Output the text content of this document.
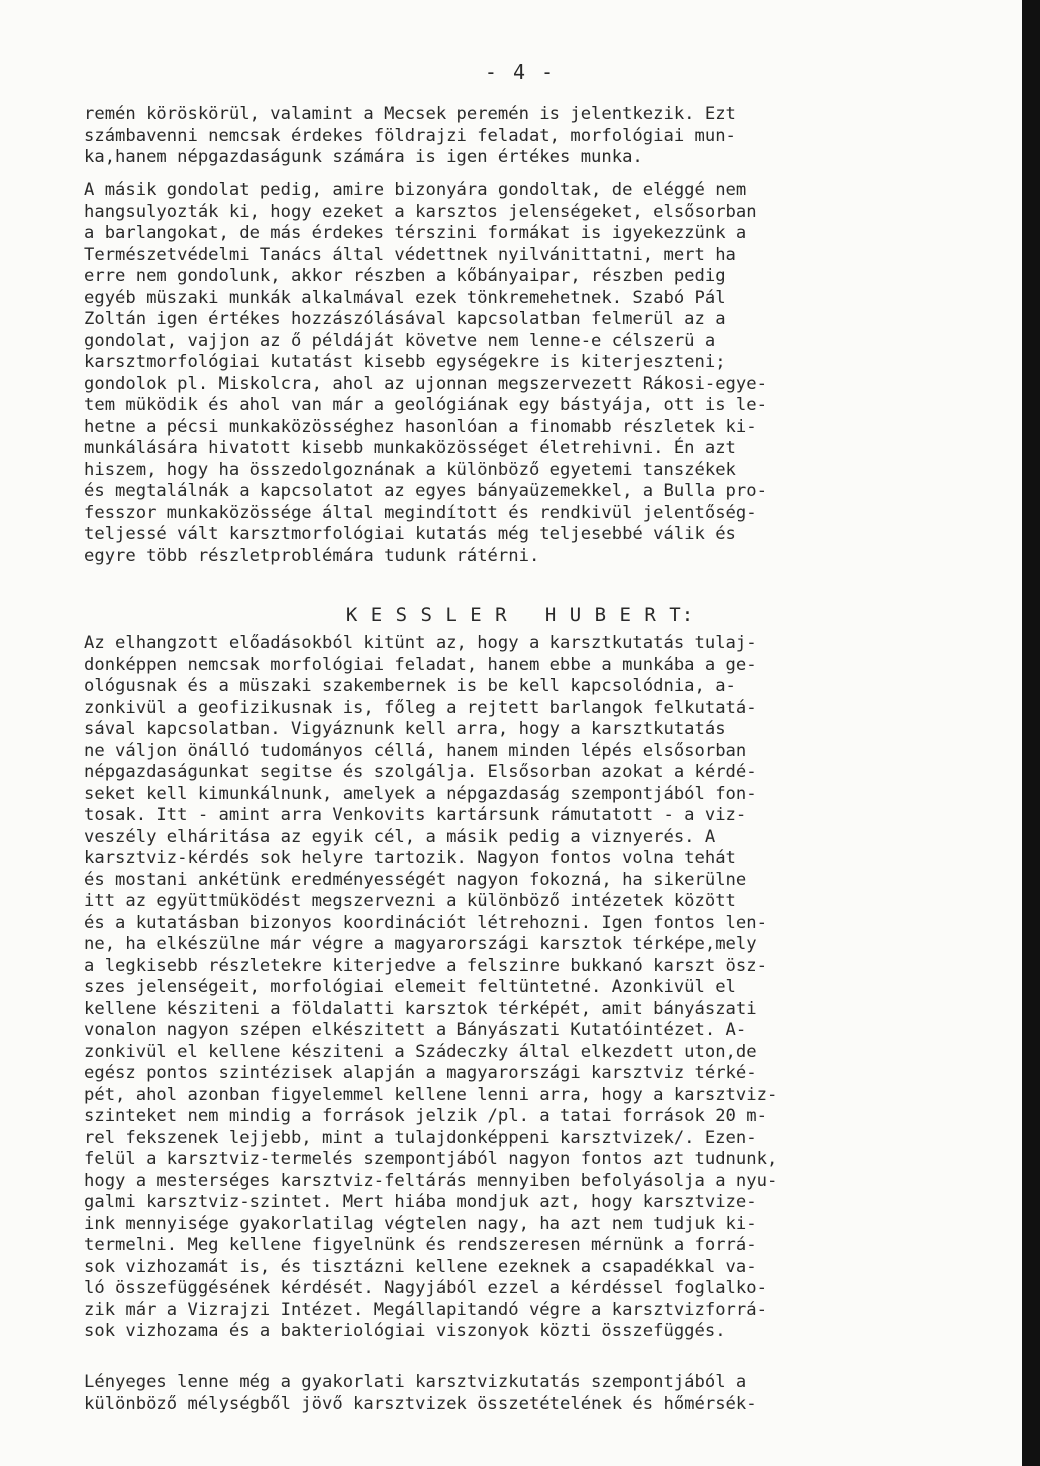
- 4 -
remén köröskörül, valamint a Mecsek peremén is jelentkezik. Ezt
számbavenni nemcsak érdekes földrajzi feladat, morfológiai mun-
ka,hanem népgazdaságunk számára is igen értékes munka.
A másik gondolat pedig, amire bizonyára gondoltak, de eléggé nem
hangsulyozták ki, hogy ezeket a karsztos jelenségeket, elsősorban
a barlangokat, de más érdekes térszini formákat is igyekezzünk a
Természetvédelmi Tanács által védettnek nyilvánittatni, mert ha
erre nem gondolunk, akkor részben a kőbányaipar, részben pedig
egyéb müszaki munkák alkalmával ezek tönkremehetnek. Szabó Pál
Zoltán igen értékes hozzászólásával kapcsolatban felmerül az a
gondolat, vajjon az ő példáját követve nem lenne-e célszerü a
karsztmorfológiai kutatást kisebb egységekre is kiterjeszteni;
gondolok pl. Miskolcra, ahol az ujonnan megszervezett Rákosi-egye-
tem müködik és ahol van már a geológiának egy bástyája, ott is le-
hetne a pécsi munkaközösséghez hasonlóan a finomabb részletek ki-
munkálására hivatott kisebb munkaközösséget életrehivni. Én azt
hiszem, hogy ha összedolgoznának a különböző egyetemi tanszékek
és megtalálnák a kapcsolatot az egyes bányaüzemekkel, a Bulla pro-
fesszor munkaközössége által megindított és rendkivül jelentőség-
teljessé vált karsztmorfológiai kutatás még teljesebbé válik és
egyre több részletproblémára tudunk rátérni.
K E S S L E R   H U B E R T:
Az elhangzott előadásokból kitünt az, hogy a karsztkutatás tulaj-
donképpen nemcsak morfológiai feladat, hanem ebbe a munkába a ge-
ológusnak és a müszaki szakembernek is be kell kapcsolódnia, a-
zonkivül a geofizikusnak is, főleg a rejtett barlangok felkutatá-
sával kapcsolatban. Vigyáznunk kell arra, hogy a karsztkutatás
ne váljon önálló tudományos céllá, hanem minden lépés elsősorban
népgazdaságunkat segitse és szolgálja. Elsősorban azokat a kérdé-
seket kell kimunkálnunk, amelyek a népgazdaság szempontjából fon-
tosak. Itt - amint arra Venkovits kartársunk rámutatott - a viz-
veszély elháritása az egyik cél, a másik pedig a viznyerés. A
karsztviz-kérdés sok helyre tartozik. Nagyon fontos volna tehát
és mostani ankétünk eredményességét nagyon fokozná, ha sikerülne
itt az együttmüködést megszervezni a különböző intézetek között
és a kutatásban bizonyos koordinációt létrehozni. Igen fontos len-
ne, ha elkészülne már végre a magyarországi karsztok térképe,mely
a legkisebb részletekre kiterjedve a felszinre bukkanó karszt ösz-
szes jelenségeit, morfológiai elemeit feltüntetné. Azonkivül el
kellene késziteni a földalatti karsztok térképét, amit bányászati
vonalon nagyon szépen elkészitett a Bányászati Kutatóintézet. A-
zonkivül el kellene késziteni a Szádeczky által elkezdett uton,de
egész pontos szintézisek alapján a magyarországi karsztviz térké-
pét, ahol azonban figyelemmel kellene lenni arra, hogy a karsztviz-
szinteket nem mindig a források jelzik /pl. a tatai források 20 m-
rel fekszenek lejjebb, mint a tulajdonképpeni karsztvizek/. Ezen-
felül a karsztviz-termelés szempontjából nagyon fontos azt tudnunk,
hogy a mesterséges karsztviz-feltárás mennyiben befolyásolja a nyu-
galmi karsztviz-szintet. Mert hiába mondjuk azt, hogy karsztvize-
ink mennyisége gyakorlatilag végtelen nagy, ha azt nem tudjuk ki-
termelni. Meg kellene figyelnünk és rendszeresen mérnünk a forrá-
sok vizhozamát is, és tisztázni kellene ezeknek a csapadékkal va-
ló összefüggésének kérdését. Nagyjából ezzel a kérdéssel foglalko-
zik már a Vizrajzi Intézet. Megállapitandó végre a karsztvizforrá-
sok vizhozama és a bakteriológiai viszonyok közti összefüggés.
Lényeges lenne még a gyakorlati karsztvizkutatás szempontjából a
különböző mélységből jövő karsztvizek összetételének és hőmérsék-
